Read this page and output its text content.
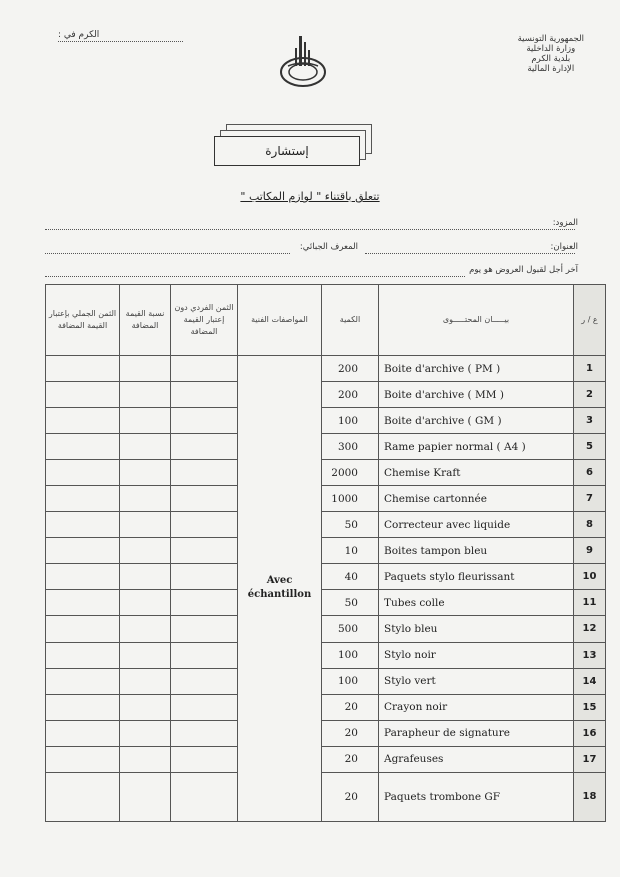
الجمهورية التونسية
وزارة الداخلية
بلدية الكرم
الإدارة المالية
الكرم في :
إستشارة
تتعلق باقتناء " لوازم المكاتب "
المزود:
العنوان:
المعرف الجبائي:
آخر أجل لقبول العروض هو يوم
الثمن الجملي بإعتبار القيمة المضافة	نسبة القيمة المضافة	الثمن الفردي دون إعتبار القيمة المضافة	المواصفات الفنية	الكمية	بيـــــان المحتـــــوى	ع / ر
			Avec échantillon	200	Boite d'archive ( PM )	1
				200	Boite d'archive ( MM )	2
				100	Boite d'archive ( GM )	3
				300	Rame papier normal ( A4 )	5
				2000	Chemise Kraft	6
				1000	Chemise cartonnée	7
				50	Correcteur avec liquide	8
				10	Boites tampon bleu	9
				40	Paquets stylo fleurissant	10
				50	Tubes colle	11
				500	Stylo bleu	12
				100	Stylo noir	13
				100	Stylo vert	14
				20	Crayon noir	15
				20	Parapheur de signature	16
				20	Agrafeuses	17
				20	Paquets trombone GF	18
